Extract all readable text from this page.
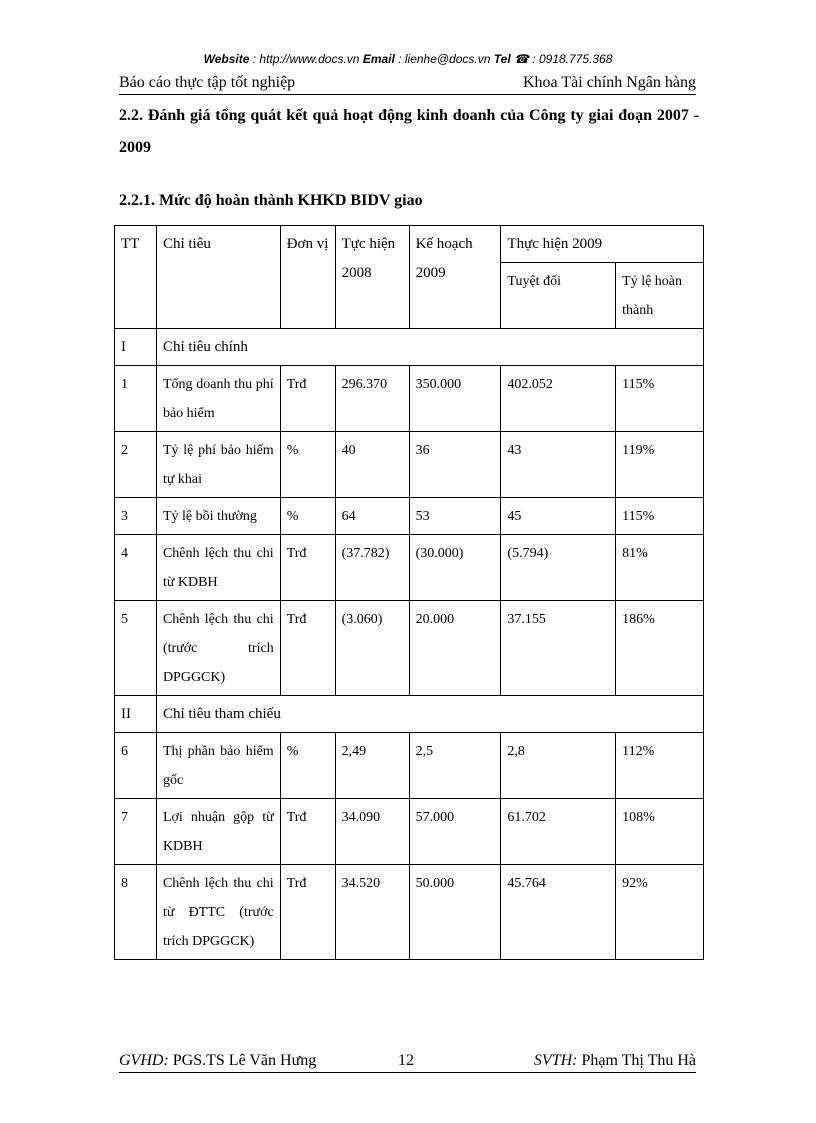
Website : http://www.docs.vn Email : lienhe@docs.vn Tel ☎ : 0918.775.368
Báo cáo thực tập tốt nghiệp	Khoa Tài chính Ngân hàng
2.2. Đánh giá tổng quát kết quả hoạt động kinh doanh của Công ty giai đoạn 2007 - 2009
2.2.1. Mức độ hoàn thành KHKD BIDV giao
TT	Chỉ tiêu	Đơn vị	Tực hiện 2008	Kế hoạch 2009	Thực hiện 2009	
					Tuyệt đối	Tỷ lệ hoàn thành
I	Chỉ tiêu chính					
1	Tổng doanh thu phí bảo hiểm	Trđ	296.370	350.000	402.052	115%
2	Tỷ lệ phí bảo hiểm tự khai	%	40	36	43	119%
3	Tỷ lệ bồi thường	%	64	53	45	115%
4	Chênh lệch thu chi từ KDBH	Trđ	(37.782)	(30.000)	(5.794)	81%
5	Chênh lệch thu chi (trước trích DPGGCK)	Trđ	(3.060)	20.000	37.155	186%
II	Chỉ tiêu tham chiếu					
6	Thị phần bảo hiểm gốc	%	2,49	2,5	2,8	112%
7	Lợi nhuận gộp từ KDBH	Trđ	34.090	57.000	61.702	108%
8	Chênh lệch thu chi từ ĐTTC (trước trích DPGGCK)	Trđ	34.520	50.000	45.764	92%
GVHD: PGS.TS Lê Văn Hưng	12	SVTH: Phạm Thị Thu Hà
